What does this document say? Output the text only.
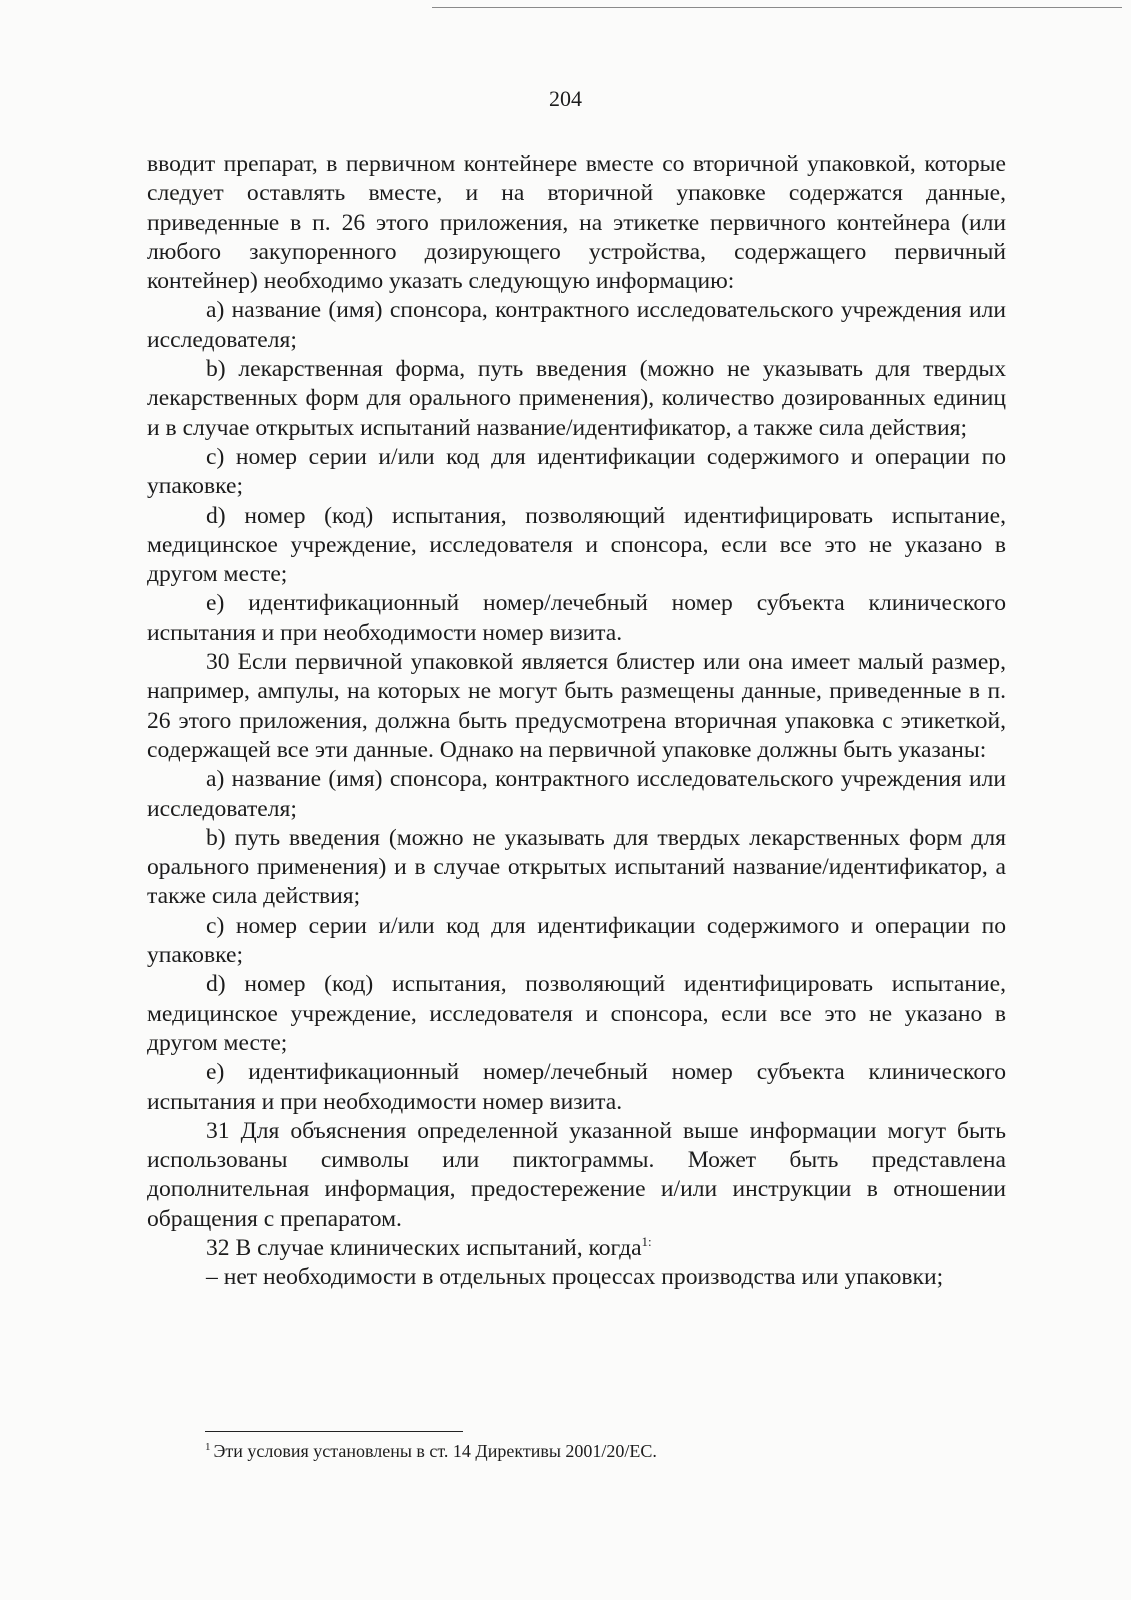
204

вводит препарат, в первичном контейнере вместе со вторичной упаковкой, которые следует оставлять вместе, и на вторичной упаковке содержатся данные, приведенные в п. 26 этого приложения, на этикетке первичного контейнера (или любого закупоренного дозирующего устройства, содержащего первичный контейнер) необходимо указать следующую информацию:

a) название (имя) спонсора, контрактного исследовательского учреждения или исследователя;

b) лекарственная форма, путь введения (можно не указывать для твердых лекарственных форм для орального применения), количество дозированных единиц и в случае открытых испытаний название/идентификатор, а также сила действия;

c) номер серии и/или код для идентификации содержимого и операции по упаковке;

d) номер (код) испытания, позволяющий идентифицировать испытание, медицинское учреждение, исследователя и спонсора, если все это не указано в другом месте;

e) идентификационный номер/лечебный номер субъекта клинического испытания и при необходимости номер визита.

30 Если первичной упаковкой является блистер или она имеет малый размер, например, ампулы, на которых не могут быть размещены данные, приведенные в п. 26 этого приложения, должна быть предусмотрена вторичная упаковка с этикеткой, содержащей все эти данные. Однако на первичной упаковке должны быть указаны:

a) название (имя) спонсора, контрактного исследовательского учреждения или исследователя;

b) путь введения (можно не указывать для твердых лекарственных форм для орального применения) и в случае открытых испытаний название/идентификатор, а также сила действия;

c) номер серии и/или код для идентификации содержимого и операции по упаковке;

d) номер (код) испытания, позволяющий идентифицировать испытание, медицинское учреждение, исследователя и спонсора, если все это не указано в другом месте;

e) идентификационный номер/лечебный номер субъекта клинического испытания и при необходимости номер визита.

31 Для объяснения определенной указанной выше информации могут быть использованы символы или пиктограммы. Может быть представлена дополнительная информация, предостережение и/или инструкции в отношении обращения с препаратом.

32 В случае клинических испытаний, когда$^{1:}$

– нет необходимости в отдельных процессах производства или упаковки;

$^1$ Эти условия установлены в ст. 14 Директивы 2001/20/EC.
